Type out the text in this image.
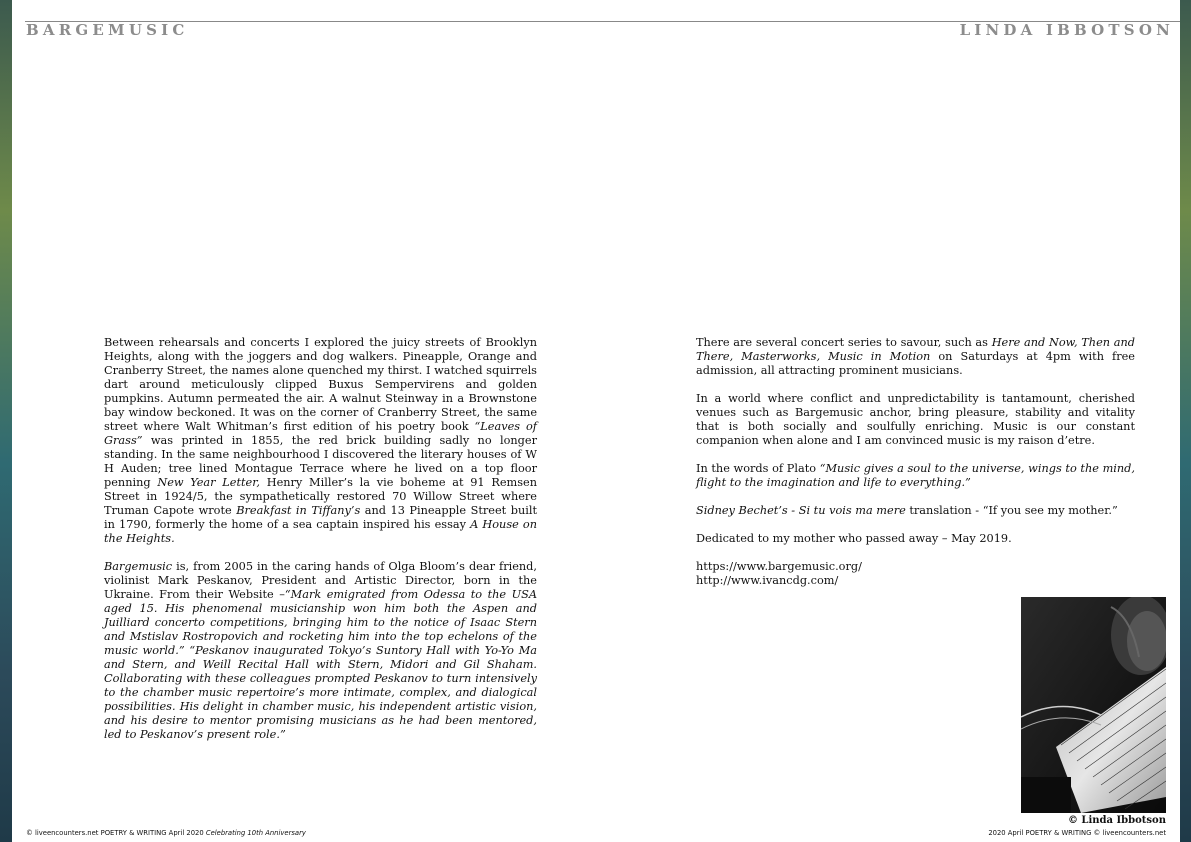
BARGEMUSIC	LINDA IBBOTSON

Between rehearsals and concerts I explored the juicy streets of Brooklyn Heights, along with the joggers and dog walkers. Pineapple, Orange and Cranberry Street, the names alone quenched my thirst. I watched squirrels dart around meticulously clipped Buxus Sempervirens and golden pumpkins. Autumn permeated the air. A walnut Steinway in a Brownstone bay window beckoned. It was on the corner of Cranberry Street, the same street where Walt Whitman’s first edition of his poetry book “Leaves of Grass” was printed in 1855, the red brick building sadly no longer standing. In the same neighbourhood I discovered the literary houses of W H Auden; tree lined Montague Terrace where he lived on a top floor penning New Year Letter, Henry Miller’s la vie boheme at 91 Remsen Street in 1924/5, the sympathetically restored 70 Willow Street where Truman Capote wrote Breakfast in Tiffany’s and 13 Pineapple Street built in 1790, formerly the home of a sea captain inspired his essay A House on the Heights.

Bargemusic is, from 2005 in the caring hands of Olga Bloom’s dear friend, violinist Mark Peskanov, President and Artistic Director, born in the Ukraine. From their Website –“Mark emigrated from Odessa to the USA aged 15. His phenomenal musicianship won him both the Aspen and Juilliard concerto competitions, bringing him to the notice of Isaac Stern and Mstislav Rostropovich and rocketing him into the top echelons of the music world.” “Peskanov inaugurated Tokyo’s Suntory Hall with Yo-Yo Ma and Stern, and Weill Recital Hall with Stern, Midori and Gil Shaham. Collaborating with these colleagues prompted Peskanov to turn intensively to the chamber music repertoire’s more intimate, complex, and dialogical possibilities. His delight in chamber music, his independent artistic vision, and his desire to mentor promising musicians as he had been mentored, led to Peskanov’s present role.”

There are several concert series to savour, such as Here and Now, Then and There, Masterworks, Music in Motion on Saturdays at 4pm with free admission, all attracting prominent musicians.

In a world where conflict and unpredictability is tantamount, cherished venues such as Bargemusic anchor, bring pleasure, stability and vitality that is both socially and soulfully enriching. Music is our constant companion when alone and I am convinced music is my raison d’etre.

In the words of Plato “Music gives a soul to the universe, wings to the mind, flight to the imagination and life to everything.”

Sidney Bechet’s - Si tu vois ma mere translation - “If you see my mother.”

Dedicated to my mother who passed away – May 2019.

https://www.bargemusic.org/
http://www.ivancdg.com/

© Linda Ibbotson

© liveencounters.net POETRY & WRITING April 2020 Celebrating 10th Anniversary	2020 April POETRY & WRITING © liveencounters.net
